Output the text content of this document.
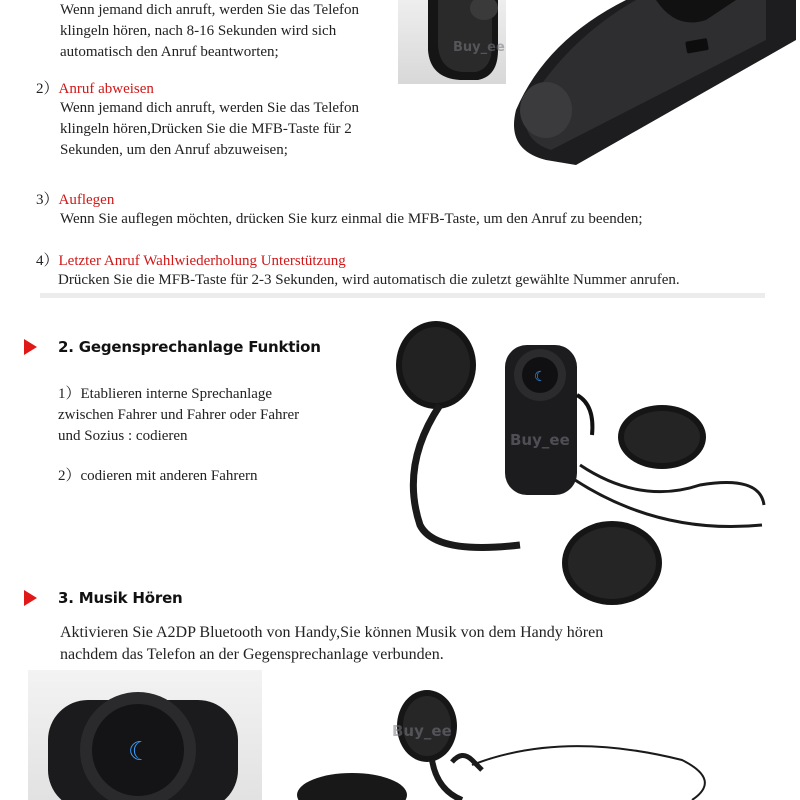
Wenn jemand dich anruft, werden Sie das Telefon
klingeln hören, nach 8-16 Sekunden wird sich
automatisch den Anruf beantworten;
2）Anruf abweisen
Wenn jemand dich anruft, werden Sie das Telefon
klingeln hören,Drücken Sie die MFB-Taste für 2
Sekunden, um den Anruf abzuweisen;
3）Auflegen
Wenn Sie auflegen möchten, drücken Sie kurz einmal die MFB-Taste, um den Anruf zu beenden;
4）Letzter Anruf Wahlwiederholung Unterstützung
Drücken Sie die MFB-Taste für 2-3 Sekunden, wird automatisch die zuletzt gewählte Nummer anrufen.
Buy_ee
2. Gegensprechanlage Funktion
1）Etablieren interne Sprechanlage
zwischen Fahrer und Fahrer oder Fahrer
und Sozius : codieren
2）codieren mit anderen Fahrern
☾
Buy_ee
3. Musik Hören
Aktivieren Sie A2DP Bluetooth von Handy,Sie können Musik von dem Handy hören
nachdem das Telefon an der Gegensprechanlage verbunden.
☾
Buy_ee
